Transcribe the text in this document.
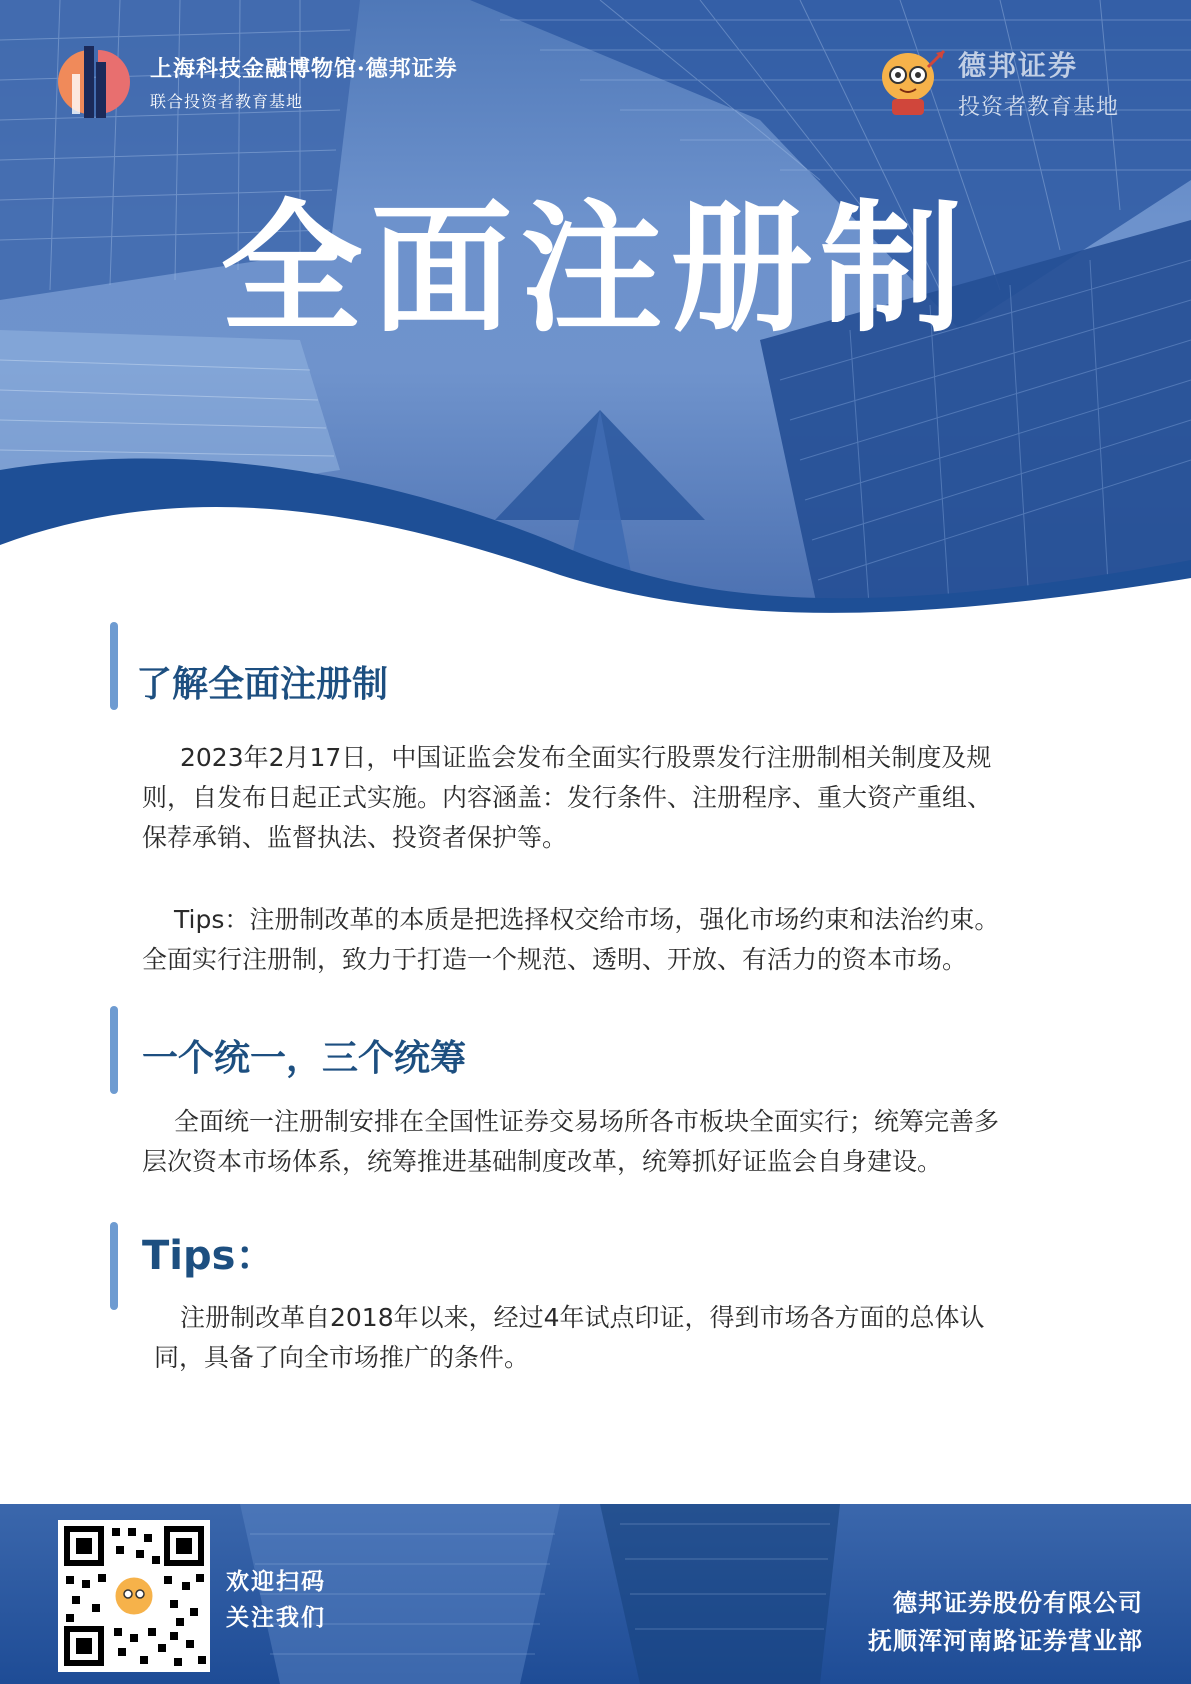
上海科技金融博物馆·德邦证券
联合投资者教育基地
德邦证券
投资者教育基地
全面注册制
了解全面注册制
2023年2月17日，中国证监会发布全面实行股票发行注册制相关制度及规
则，自发布日起正式实施。内容涵盖：发行条件、注册程序、重大资产重组、
保荐承销、监督执法、投资者保护等。
Tips：注册制改革的本质是把选择权交给市场，强化市场约束和法治约束。
全面实行注册制，致力于打造一个规范、透明、开放、有活力的资本市场。
一个统一，三个统筹
全面统一注册制安排在全国性证券交易场所各市板块全面实行；统筹完善多
层次资本市场体系，统筹推进基础制度改革，统筹抓好证监会自身建设。
Tips：
注册制改革自2018年以来，经过4年试点印证，得到市场各方面的总体认
同，具备了向全市场推广的条件。
欢迎扫码
关注我们
德邦证券股份有限公司
抚顺浑河南路证券营业部
